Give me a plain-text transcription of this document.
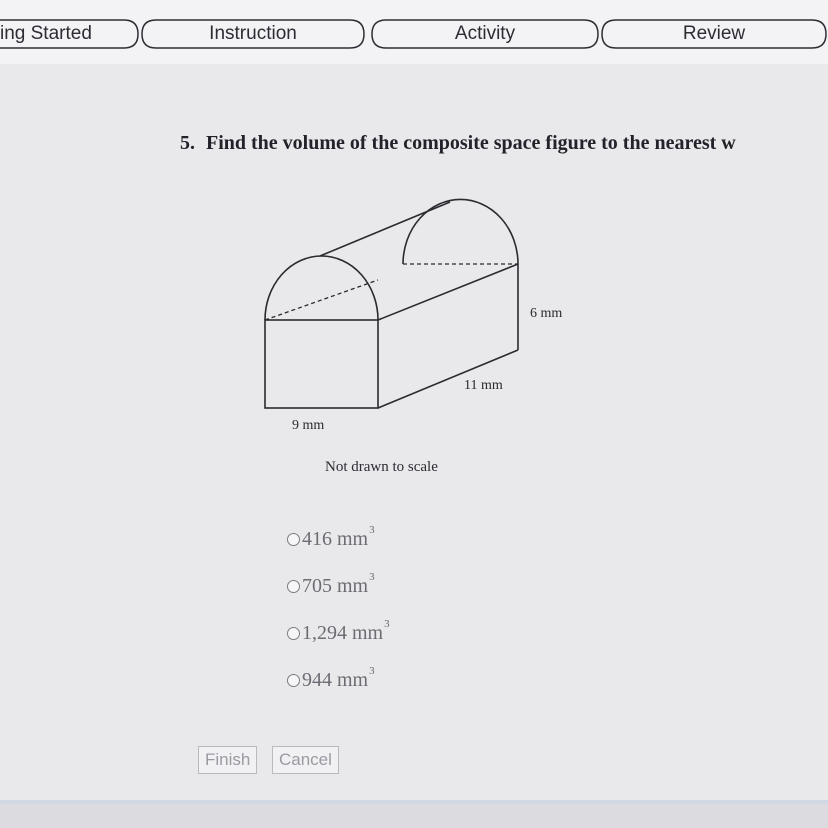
ing Started	Instruction	Activity	Review
5. Find the volume of the composite space figure to the nearest w
6 mm
11 mm
9 mm
Not drawn to scale
416 $mm^3$
705 $mm^3$
1,294 $mm^3$
944 $mm^3$
Finish	Cancel
